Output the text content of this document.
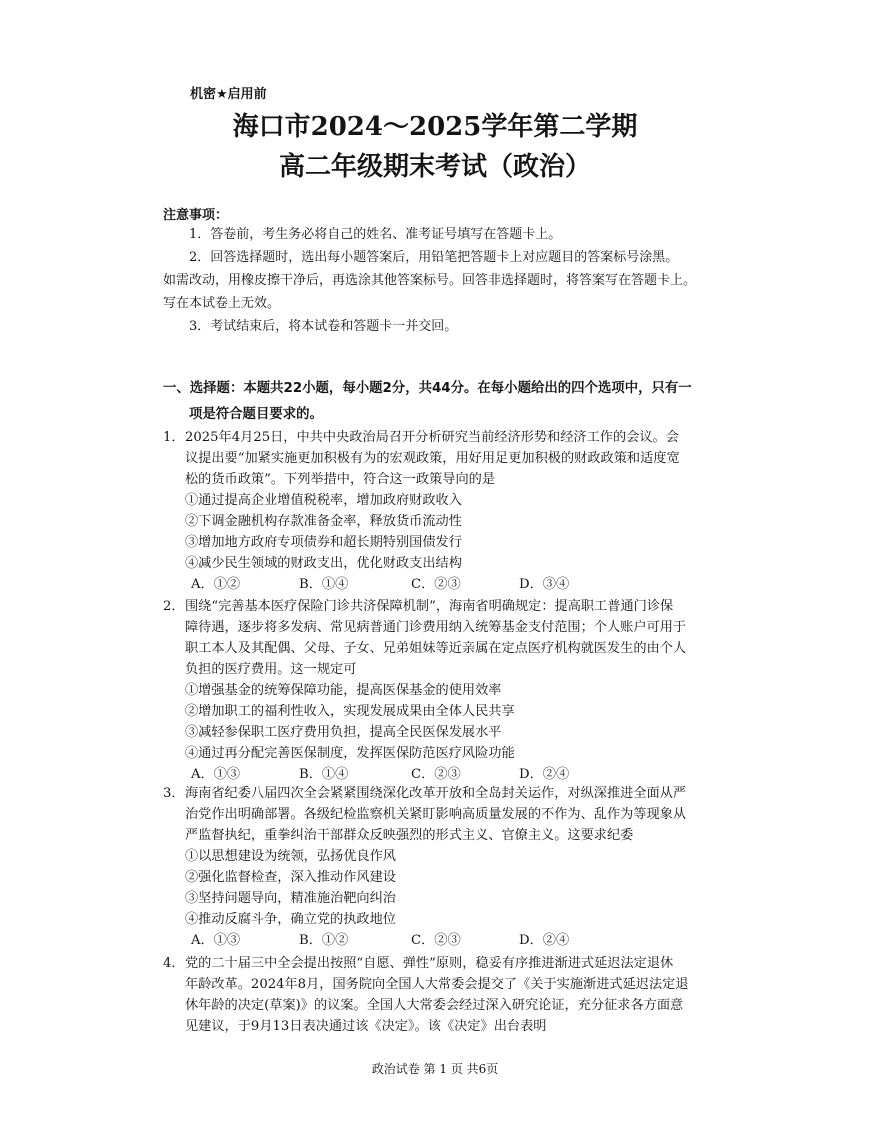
机密★启用前
海口市2024～2025学年第二学期
高二年级期末考试（政治）
注意事项：
1．答卷前，考生务必将自己的姓名、准考证号填写在答题卡上。
2．回答选择题时，选出每小题答案后，用铅笔把答题卡上对应题目的答案标号涂黑。
如需改动，用橡皮擦干净后，再选涂其他答案标号。回答非选择题时，将答案写在答题卡上。
写在本试卷上无效。
3．考试结束后，将本试卷和答题卡一并交回。
一、选择题：本题共22小题，每小题2分，共44分。在每小题给出的四个选项中，只有一
项是符合题目要求的。
1．2025年4月25日，中共中央政治局召开分析研究当前经济形势和经济工作的会议。会
议提出要“加紧实施更加积极有为的宏观政策，用好用足更加积极的财政政策和适度宽
松的货币政策”。下列举措中，符合这一政策导向的是
①通过提高企业增值税税率，增加政府财政收入
②下调金融机构存款准备金率，释放货币流动性
③增加地方政府专项债券和超长期特别国债发行
④减少民生领域的财政支出，优化财政支出结构
A．①②	B．①④	C．②③	D．③④
2．围绕“完善基本医疗保险门诊共济保障机制”，海南省明确规定：提高职工普通门诊保
障待遇，逐步将多发病、常见病普通门诊费用纳入统筹基金支付范围；个人账户可用于
职工本人及其配偶、父母、子女、兄弟姐妹等近亲属在定点医疗机构就医发生的由个人
负担的医疗费用。这一规定可
①增强基金的统筹保障功能，提高医保基金的使用效率
②增加职工的福利性收入，实现发展成果由全体人民共享
③减轻参保职工医疗费用负担，提高全民医保发展水平
④通过再分配完善医保制度，发挥医保防范医疗风险功能
A．①③	B．①④	C．②③	D．②④
3．海南省纪委八届四次全会紧紧围绕深化改革开放和全岛封关运作，对纵深推进全面从严
治党作出明确部署。各级纪检监察机关紧盯影响高质量发展的不作为、乱作为等现象从
严监督执纪，重拳纠治干部群众反映强烈的形式主义、官僚主义。这要求纪委
①以思想建设为统领，弘扬优良作风
②强化监督检查，深入推动作风建设
③坚持问题导向，精准施治靶向纠治
④推动反腐斗争，确立党的执政地位
A．①③	B．①②	C．②③	D．②④
4．党的二十届三中全会提出按照“自愿、弹性”原则，稳妥有序推进渐进式延迟法定退休
年龄改革。2024年8月，国务院向全国人大常委会提交了《关于实施渐进式延迟法定退
休年龄的决定(草案)》的议案。全国人大常委会经过深入研究论证，充分征求各方面意
见建议，于9月13日表决通过该《决定》。该《决定》出台表明
政治试卷 第 1 页 共6页
